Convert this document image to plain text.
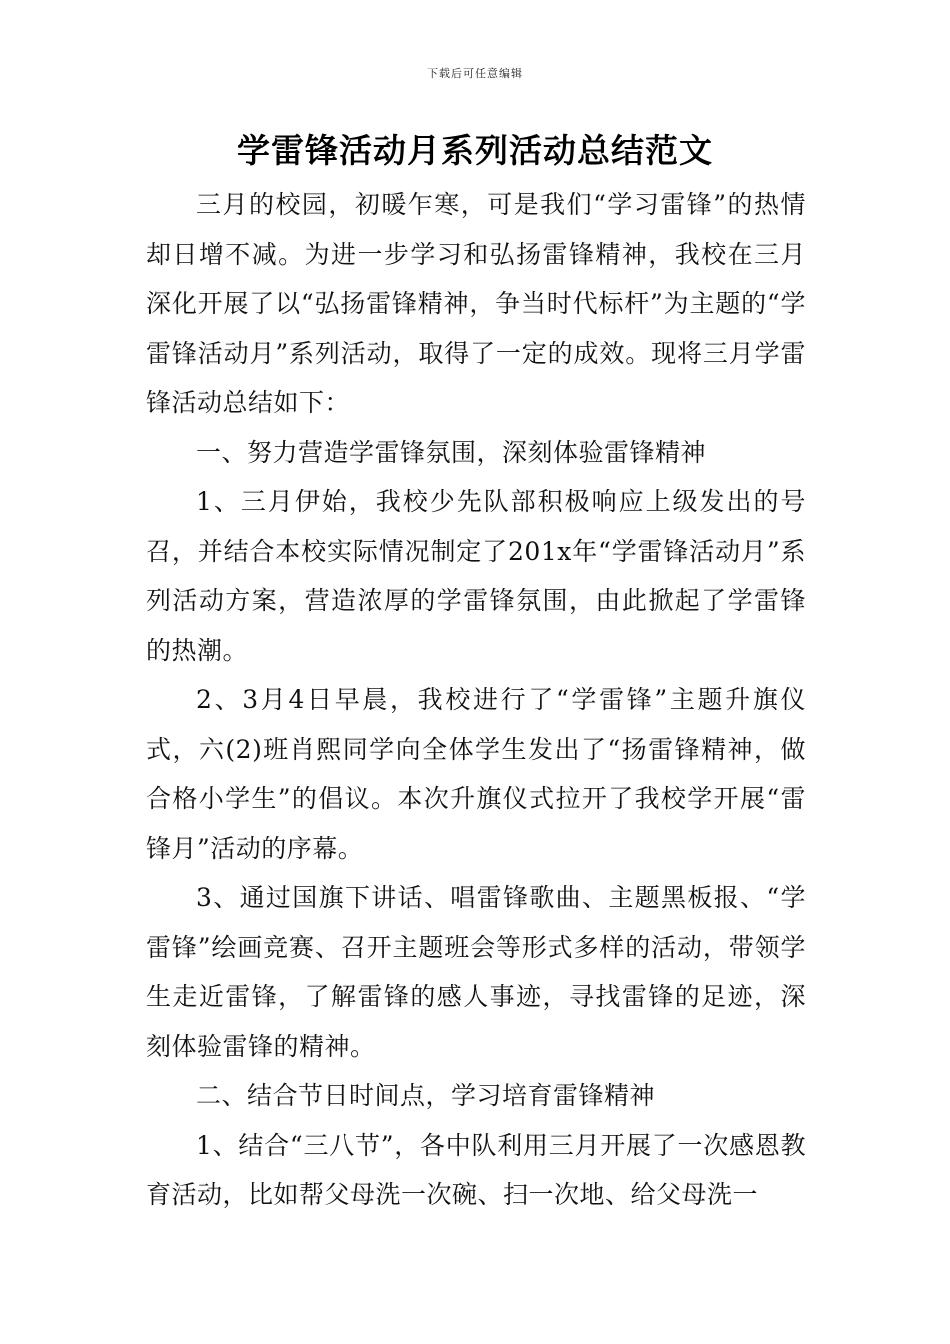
下载后可任意编辑
学雷锋活动月系列活动总结范文

三月的校园，初暖乍寒，可是我们“学习雷锋”的热情却日增不减。为进一步学习和弘扬雷锋精神，我校在三月深化开展了以“弘扬雷锋精神，争当时代标杆”为主题的“学雷锋活动月”系列活动，取得了一定的成效。现将三月学雷锋活动总结如下：

一、努力营造学雷锋氛围，深刻体验雷锋精神

1、三月伊始，我校少先队部积极响应上级发出的号召，并结合本校实际情况制定了201x年“学雷锋活动月”系列活动方案，营造浓厚的学雷锋氛围，由此掀起了学雷锋的热潮。

2、3月4日早晨，我校进行了“学雷锋”主题升旗仪式，六(2)班肖熙同学向全体学生发出了“扬雷锋精神，做合格小学生”的倡议。本次升旗仪式拉开了我校学开展“雷锋月”活动的序幕。

3、通过国旗下讲话、唱雷锋歌曲、主题黑板报、“学雷锋”绘画竞赛、召开主题班会等形式多样的活动，带领学生走近雷锋，了解雷锋的感人事迹，寻找雷锋的足迹，深刻体验雷锋的精神。

二、结合节日时间点，学习培育雷锋精神

1、结合“三八节”，各中队利用三月开展了一次感恩教育活动，比如帮父母洗一次碗、扫一次地、给父母洗一
